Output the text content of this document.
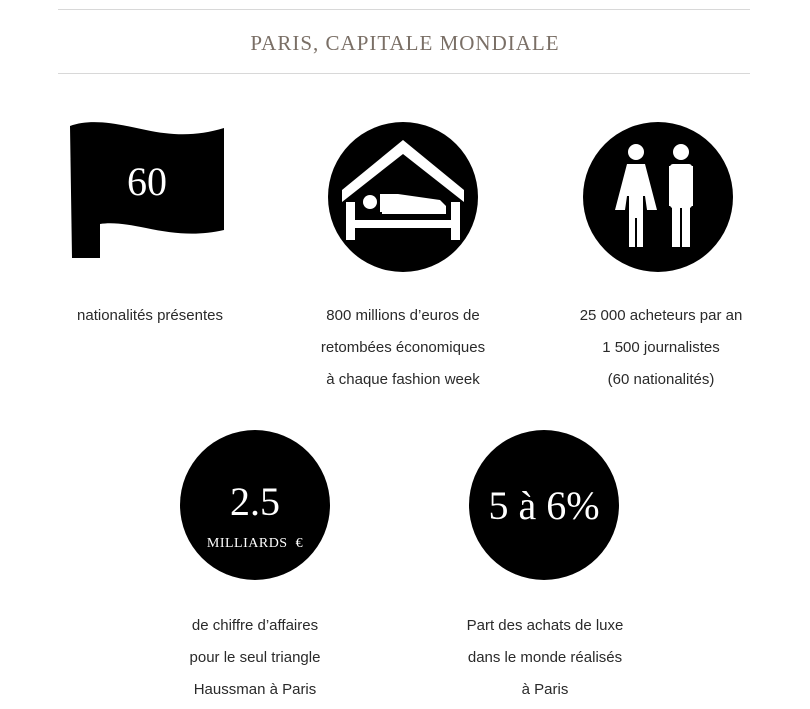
PARIS, CAPITALE MONDIALE
60
nationalités présentes	800 millions d’euros de
retombées économiques
à chaque fashion week
25 000 acheteurs par an
1 500 journalistes
(60 nationalités)
2.5
MILLIARDS  €
de chiffre d’affaires
pour le seul triangle
Haussman à Paris
5 à 6%
Part des achats de luxe
dans le monde réalisés
à Paris
